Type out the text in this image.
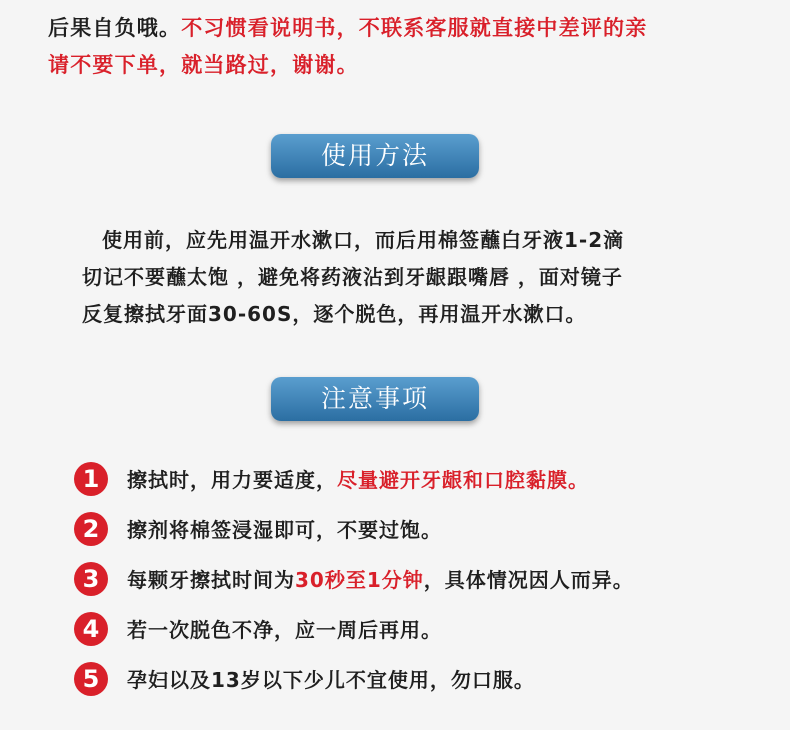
后果自负哦。不习惯看说明书，不联系客服就直接中差评的亲
请不要下单，就当路过，谢谢。
使用方法
使用前，应先用温开水漱口，而后用棉签蘸白牙液1-2滴
切记不要蘸太饱 ，避免将药液沾到牙龈跟嘴唇 ，面对镜子
反复擦拭牙面30-60S，逐个脱色，再用温开水漱口。
注意事项
1	擦拭时，用力要适度，尽量避开牙龈和口腔黏膜。
2	擦剂将棉签浸湿即可，不要过饱。
3	每颗牙擦拭时间为30秒至1分钟，具体情况因人而异。
4	若一次脱色不净，应一周后再用。
5	孕妇以及13岁以下少儿不宜使用，勿口服。
